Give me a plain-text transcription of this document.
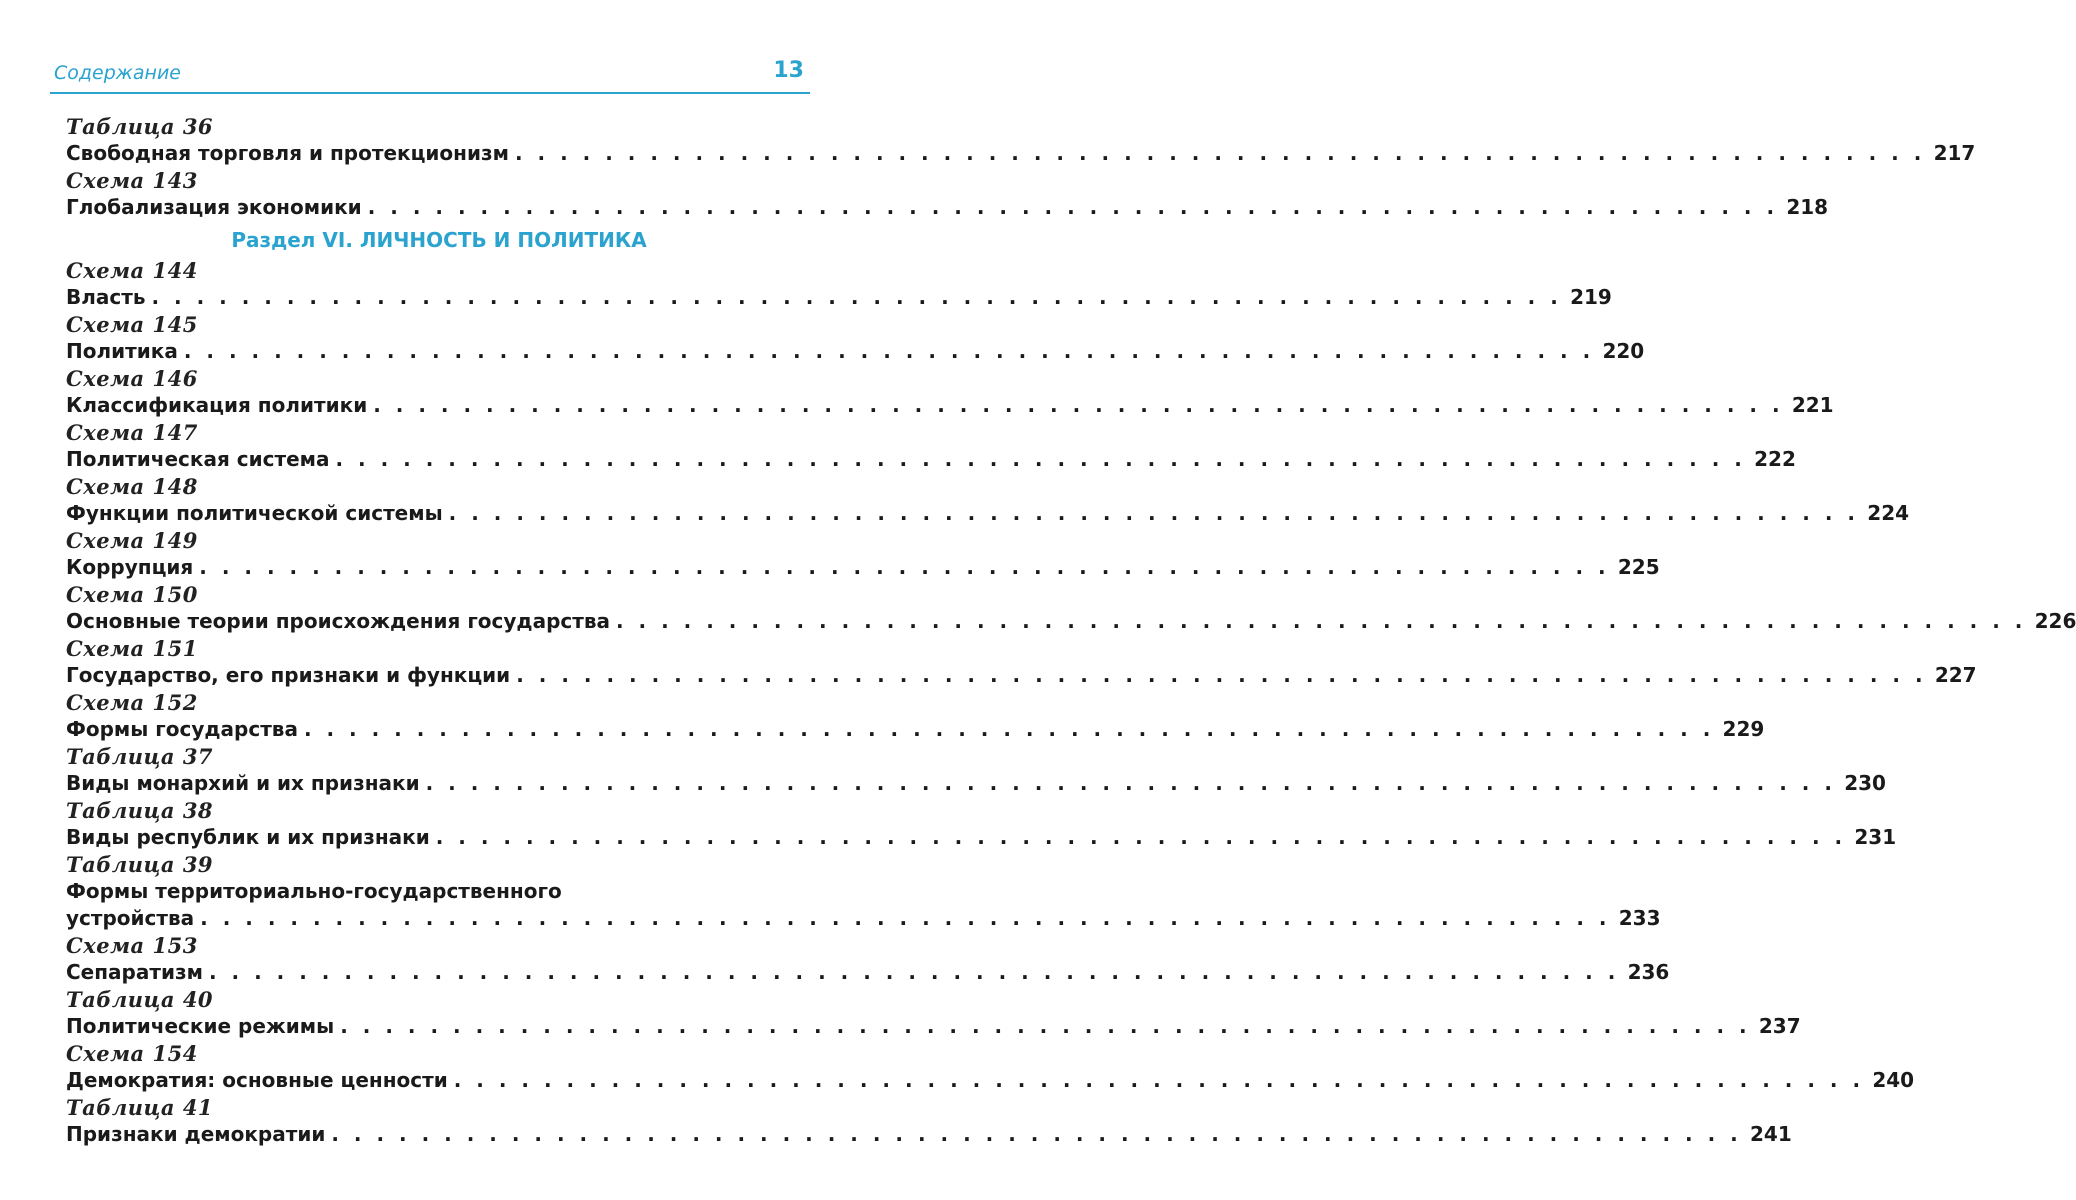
Содержание	13
Таблица 36
Свободная торговля и протекционизм . . . . . . . . . . . . . . . . . . . . . . . . . . . . . . . . . . . . . . . . . . . . . . . . . . . . . . . . . . . . . . . 217
Схема 143
Глобализация экономики . . . . . . . . . . . . . . . . . . . . . . . . . . . . . . . . . . . . . . . . . . . . . . . . . . . . . . . . . . . . . . . 218
Раздел VI. ЛИЧНОСТЬ И ПОЛИТИКА
Схема 144
Власть . . . . . . . . . . . . . . . . . . . . . . . . . . . . . . . . . . . . . . . . . . . . . . . . . . . . . . . . . . . . . . . 219
Схема 145
Политика . . . . . . . . . . . . . . . . . . . . . . . . . . . . . . . . . . . . . . . . . . . . . . . . . . . . . . . . . . . . . . . 220
Схема 146
Классификация политики . . . . . . . . . . . . . . . . . . . . . . . . . . . . . . . . . . . . . . . . . . . . . . . . . . . . . . . . . . . . . . . 221
Схема 147
Политическая система . . . . . . . . . . . . . . . . . . . . . . . . . . . . . . . . . . . . . . . . . . . . . . . . . . . . . . . . . . . . . . . 222
Схема 148
Функции политической системы . . . . . . . . . . . . . . . . . . . . . . . . . . . . . . . . . . . . . . . . . . . . . . . . . . . . . . . . . . . . . . . 224
Схема 149
Коррупция . . . . . . . . . . . . . . . . . . . . . . . . . . . . . . . . . . . . . . . . . . . . . . . . . . . . . . . . . . . . . . . 225
Схема 150
Основные теории происхождения государства . . . . . . . . . . . . . . . . . . . . . . . . . . . . . . . . . . . . . . . . . . . . . . . . . . . . . . . . . . . . . . . 226
Схема 151
Государство, его признаки и функции . . . . . . . . . . . . . . . . . . . . . . . . . . . . . . . . . . . . . . . . . . . . . . . . . . . . . . . . . . . . . . . 227
Схема 152
Формы государства . . . . . . . . . . . . . . . . . . . . . . . . . . . . . . . . . . . . . . . . . . . . . . . . . . . . . . . . . . . . . . . 229
Таблица 37
Виды монархий и их признаки . . . . . . . . . . . . . . . . . . . . . . . . . . . . . . . . . . . . . . . . . . . . . . . . . . . . . . . . . . . . . . . 230
Таблица 38
Виды республик и их признаки . . . . . . . . . . . . . . . . . . . . . . . . . . . . . . . . . . . . . . . . . . . . . . . . . . . . . . . . . . . . . . . 231
Таблица 39
Формы территориально-государственного
устройства . . . . . . . . . . . . . . . . . . . . . . . . . . . . . . . . . . . . . . . . . . . . . . . . . . . . . . . . . . . . . . . 233
Схема 153
Сепаратизм . . . . . . . . . . . . . . . . . . . . . . . . . . . . . . . . . . . . . . . . . . . . . . . . . . . . . . . . . . . . . . . 236
Таблица 40
Политические режимы . . . . . . . . . . . . . . . . . . . . . . . . . . . . . . . . . . . . . . . . . . . . . . . . . . . . . . . . . . . . . . . 237
Схема 154
Демократия: основные ценности . . . . . . . . . . . . . . . . . . . . . . . . . . . . . . . . . . . . . . . . . . . . . . . . . . . . . . . . . . . . . . . 240
Таблица 41
Признаки демократии . . . . . . . . . . . . . . . . . . . . . . . . . . . . . . . . . . . . . . . . . . . . . . . . . . . . . . . . . . . . . . . 241
